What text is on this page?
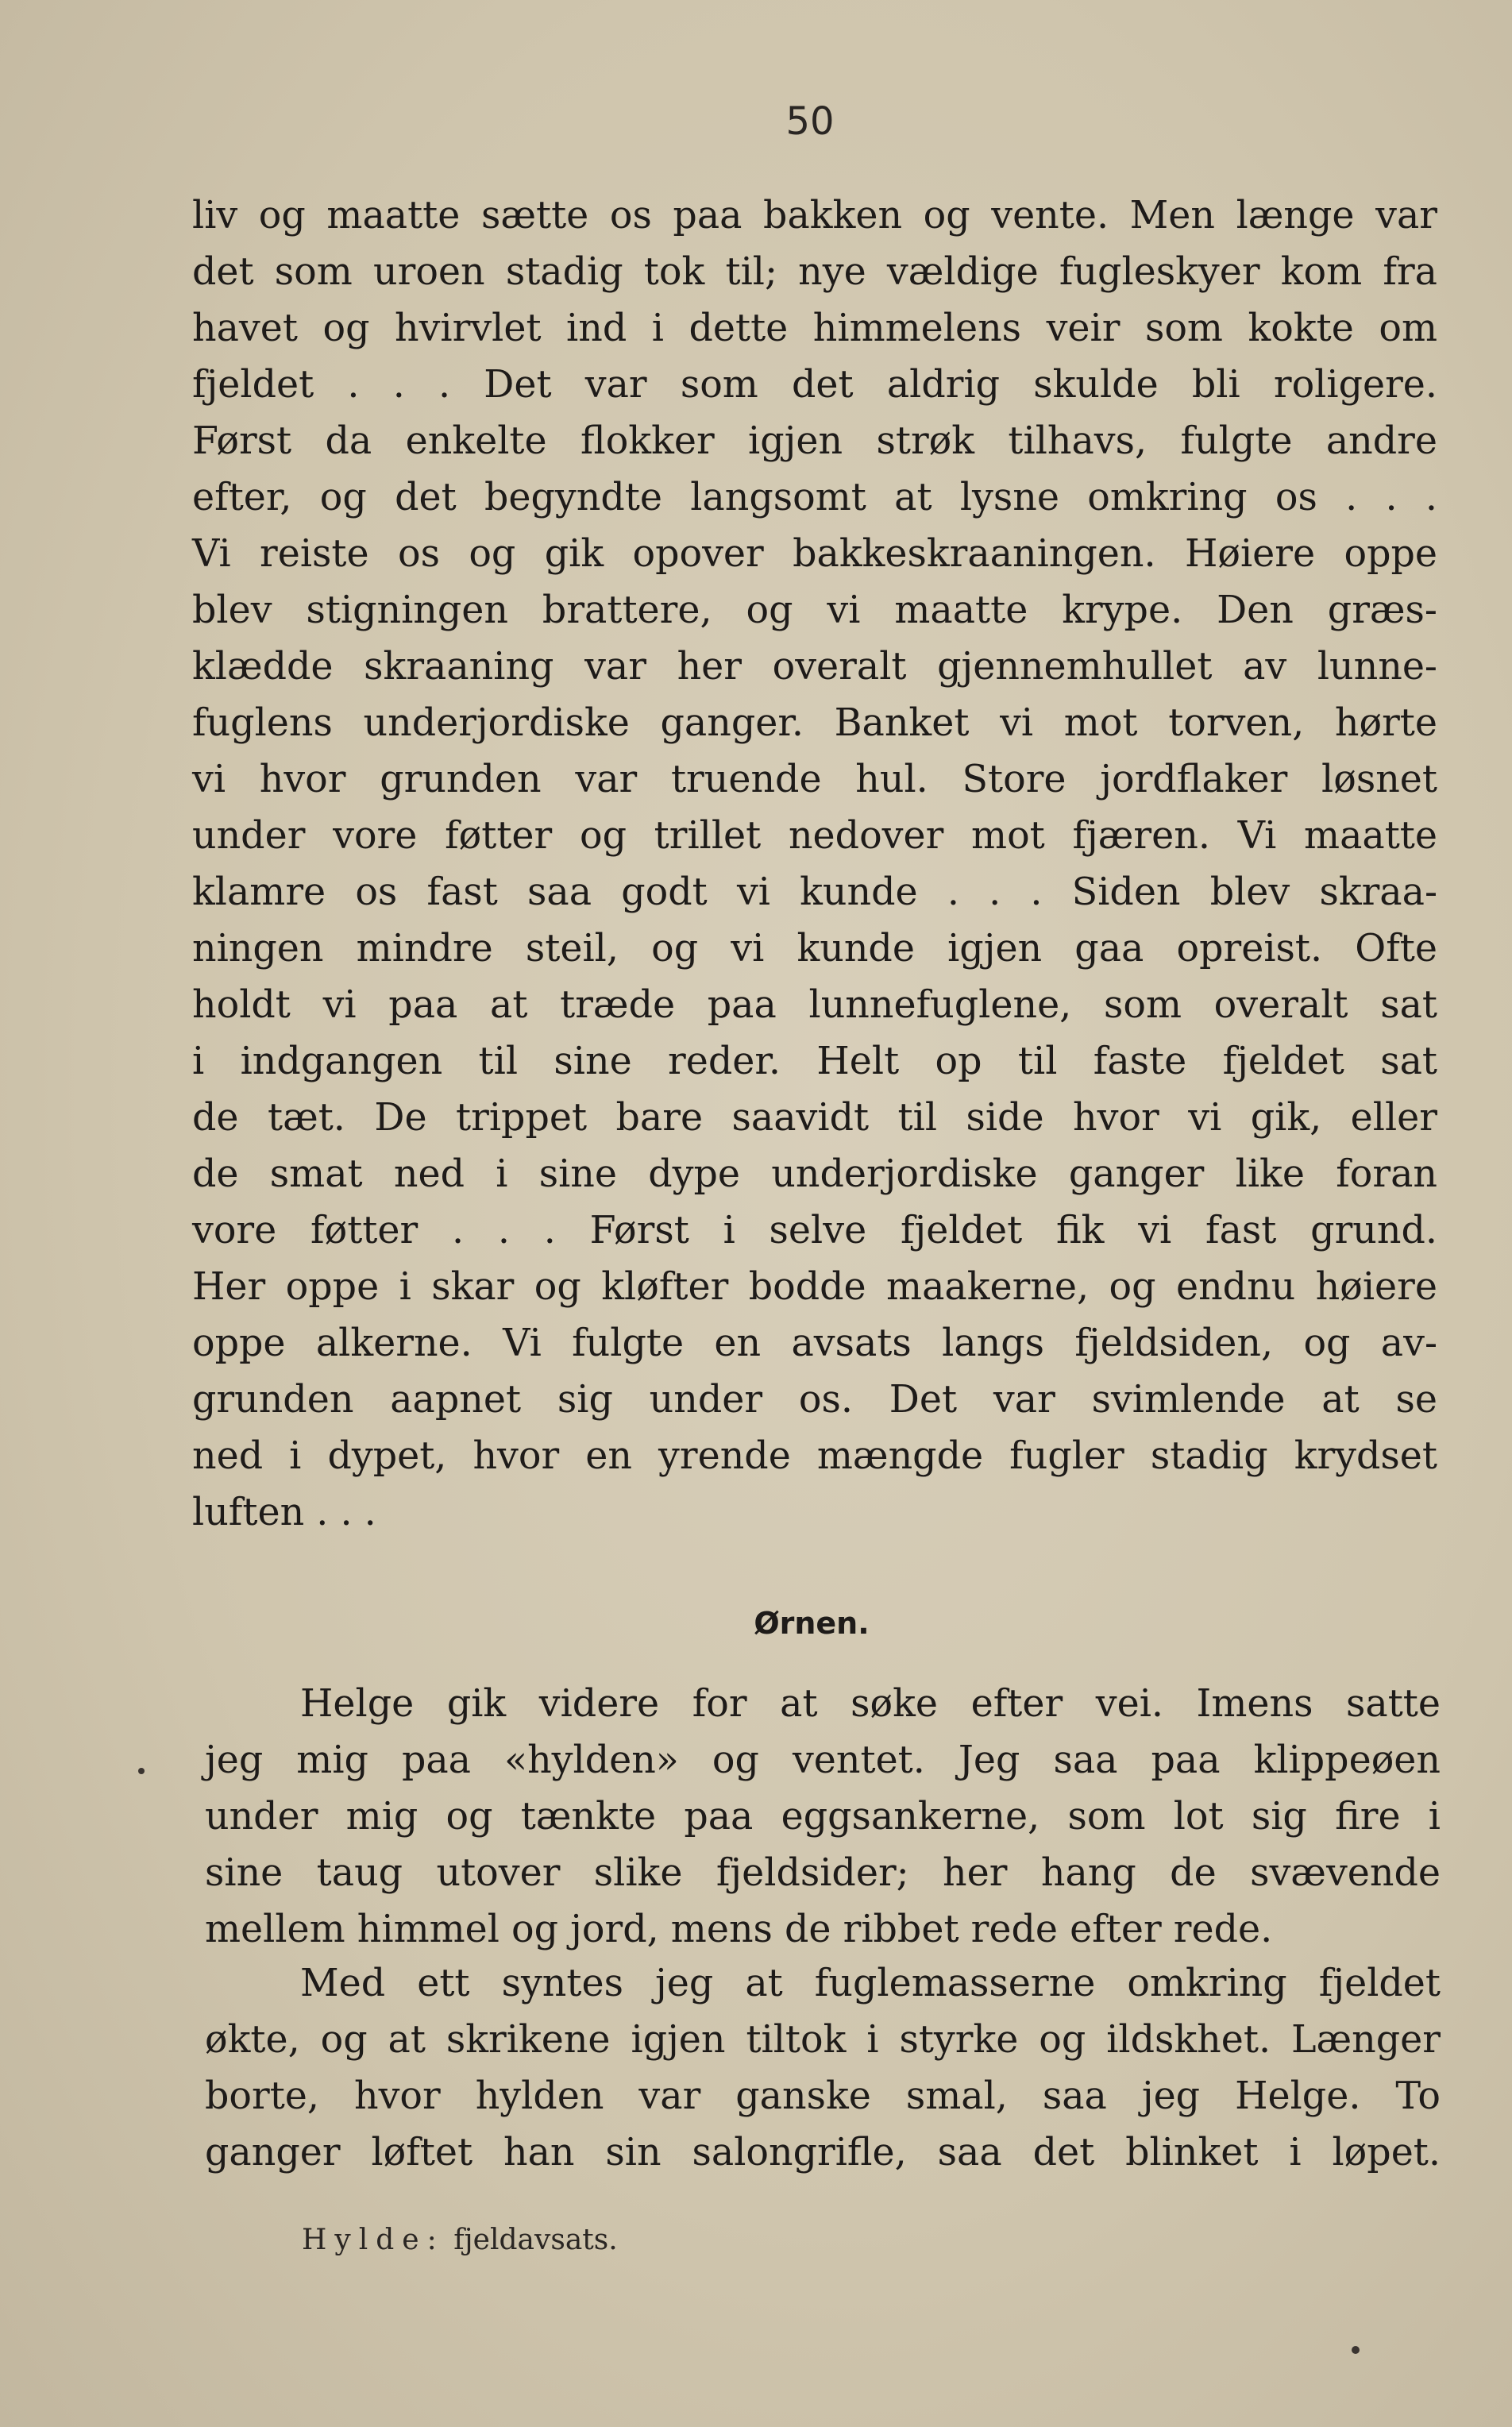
50
liv og maatte sætte os paa bakken og vente. Men længe var
det som uroen stadig tok til; nye vældige fugleskyer kom fra
havet og hvirvlet ind i dette himmelens veir som kokte om
fjeldet . . . Det var som det aldrig skulde bli roligere.
Først da enkelte flokker igjen strøk tilhavs, fulgte andre
efter, og det begyndte langsomt at lysne omkring os . . .
Vi reiste os og gik opover bakkeskraaningen. Høiere oppe
blev stigningen brattere, og vi maatte krype. Den græs-
klædde skraaning var her overalt gjennemhullet av lunne-
fuglens underjordiske ganger. Banket vi mot torven, hørte
vi hvor grunden var truende hul. Store jordflaker løsnet
under vore føtter og trillet nedover mot fjæren. Vi maatte
klamre os fast saa godt vi kunde . . . Siden blev skraa-
ningen mindre steil, og vi kunde igjen gaa opreist. Ofte
holdt vi paa at træde paa lunnefuglene, som overalt sat
i indgangen til sine reder. Helt op til faste fjeldet sat
de tæt. De trippet bare saavidt til side hvor vi gik, eller
de smat ned i sine dype underjordiske ganger like foran
vore føtter . . . Først i selve fjeldet fik vi fast grund.
Her oppe i skar og kløfter bodde maakerne, og endnu høiere
oppe alkerne. Vi fulgte en avsats langs fjeldsiden, og av-
grunden aapnet sig under os. Det var svimlende at se
ned i dypet, hvor en yrende mængde fugler stadig krydset
luften . . .
Ørnen.
Helge gik videre for at søke efter vei. Imens satte
jeg mig paa «hylden» og ventet. Jeg saa paa klippeøen
under mig og tænkte paa eggsankerne, som lot sig fire i
sine taug utover slike fjeldsider; her hang de svævende
mellem himmel og jord, mens de ribbet rede efter rede.
Med ett syntes jeg at fuglemasserne omkring fjeldet
økte, og at skrikene igjen tiltok i styrke og ildskhet. Længer
borte, hvor hylden var ganske smal, saa jeg Helge. To
ganger løftet han sin salongrifle, saa det blinket i løpet.
Hylde: fjeldavsats.
